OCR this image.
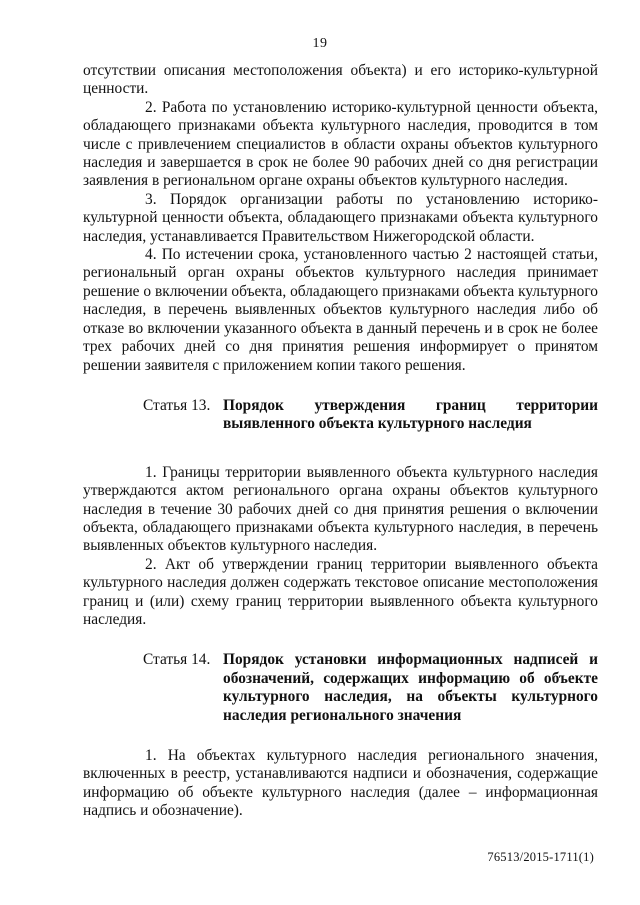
19

отсутствии описания местоположения объекта) и его историко-культурной ценности.

2. Работа по установлению историко-культурной ценности объекта, обладающего признаками объекта культурного наследия, проводится в том числе с привлечением специалистов в области охраны объектов культурного наследия и завершается в срок не более 90 рабочих дней со дня регистрации заявления в региональном органе охраны объектов культурного наследия.

3. Порядок организации работы по установлению историко-культурной ценности объекта, обладающего признаками объекта культурного наследия, устанавливается Правительством Нижегородской области.

4. По истечении срока, установленного частью 2 настоящей статьи, региональный орган охраны объектов культурного наследия принимает решение о включении объекта, обладающего признаками объекта культурного наследия, в перечень выявленных объектов культурного наследия либо об отказе во включении указанного объекта в данный перечень и в срок не более трех рабочих дней со дня принятия решения информирует о принятом решении заявителя с приложением копии такого решения.

Статья 13. Порядок утверждения границ территории выявленного объекта культурного наследия

1. Границы территории выявленного объекта культурного наследия утверждаются актом регионального органа охраны объектов культурного наследия в течение 30 рабочих дней со дня принятия решения о включении объекта, обладающего признаками объекта культурного наследия, в перечень выявленных объектов культурного наследия.

2. Акт об утверждении границ территории выявленного объекта культурного наследия должен содержать текстовое описание местоположения границ и (или) схему границ территории выявленного объекта культурного наследия.

Статья 14. Порядок установки информационных надписей и обозначений, содержащих информацию об объекте культурного наследия, на объекты культурного наследия регионального значения

1. На объектах культурного наследия регионального значения, включенных в реестр, устанавливаются надписи и обозначения, содержащие информацию об объекте культурного наследия (далее – информационная надпись и обозначение).

76513/2015-1711(1)
